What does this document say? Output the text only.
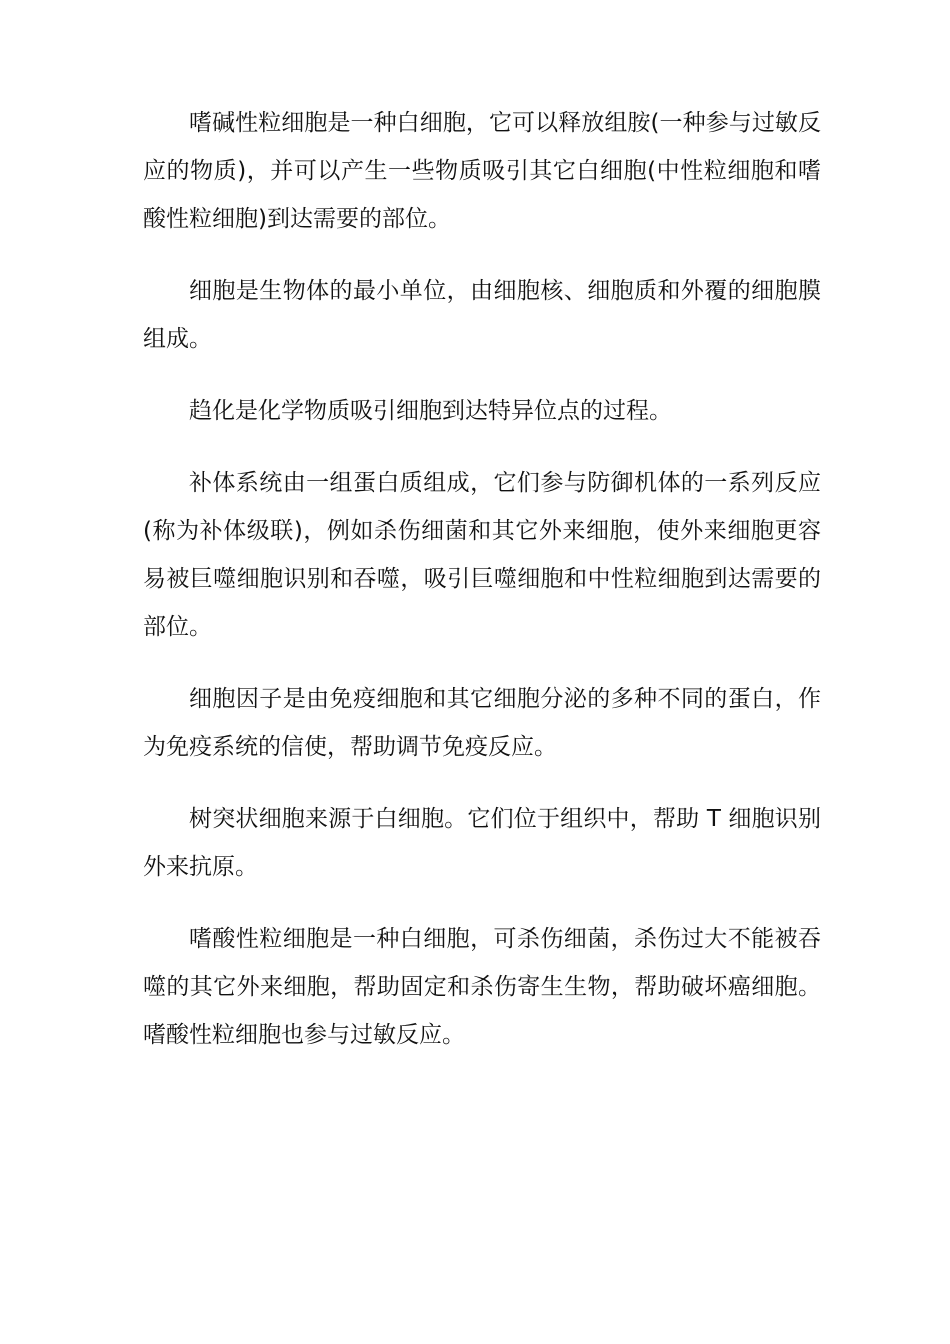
嗜碱性粒细胞是一种白细胞，它可以释放组胺(一种参与过敏反应的物质)，并可以产生一些物质吸引其它白细胞(中性粒细胞和嗜酸性粒细胞)到达需要的部位。

细胞是生物体的最小单位，由细胞核、细胞质和外覆的细胞膜组成。

趋化是化学物质吸引细胞到达特异位点的过程。

补体系统由一组蛋白质组成，它们参与防御机体的一系列反应(称为补体级联)，例如杀伤细菌和其它外来细胞，使外来细胞更容易被巨噬细胞识别和吞噬，吸引巨噬细胞和中性粒细胞到达需要的部位。

细胞因子是由免疫细胞和其它细胞分泌的多种不同的蛋白，作为免疫系统的信使，帮助调节免疫反应。

树突状细胞来源于白细胞。它们位于组织中，帮助 T 细胞识别外来抗原。

嗜酸性粒细胞是一种白细胞，可杀伤细菌，杀伤过大不能被吞噬的其它外来细胞，帮助固定和杀伤寄生生物，帮助破坏癌细胞。嗜酸性粒细胞也参与过敏反应。
